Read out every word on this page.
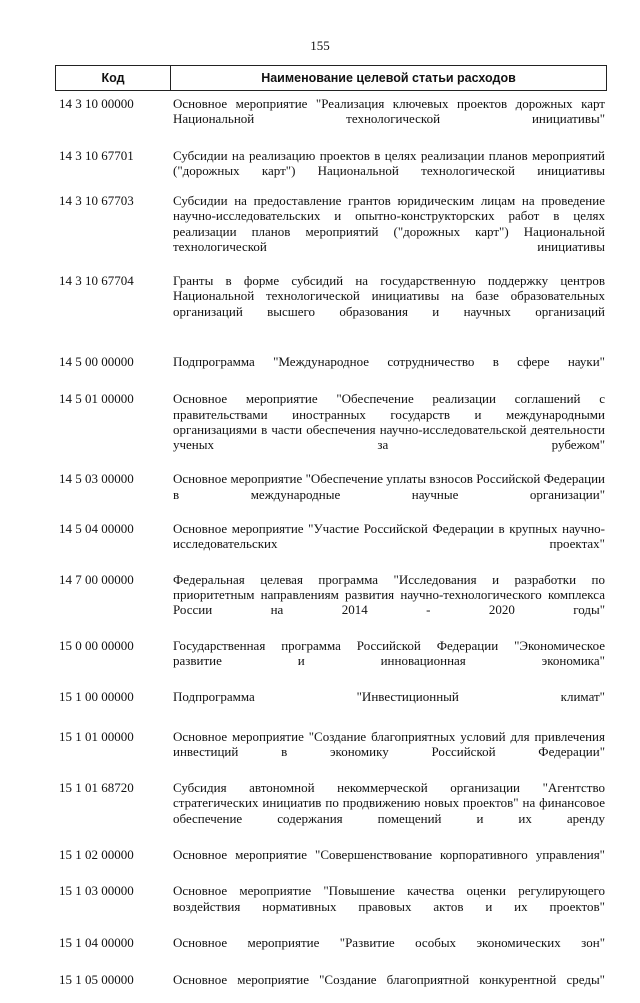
155
Код	Наименование целевой статьи расходов
14 3 10 00000	Основное мероприятие "Реализация ключевых проектов дорожных карт Национальной технологической инициативы"
14 3 10 67701	Субсидии на реализацию проектов в целях реализации планов мероприятий ("дорожных карт") Национальной технологической инициативы
14 3 10 67703	Субсидии на предоставление грантов юридическим лицам на проведение научно-исследовательских и опытно-конструкторских работ в целях реализации планов мероприятий ("дорожных карт") Национальной технологической инициативы
14 3 10 67704	Гранты в форме субсидий на государственную поддержку центров Национальной технологической инициативы на базе образовательных организаций высшего образования и научных организаций
14 5 00 00000	Подпрограмма "Международное сотрудничество в сфере науки"
14 5 01 00000	Основное мероприятие "Обеспечение реализации соглашений с правительствами иностранных государств и международными организациями в части обеспечения научно-исследовательской деятельности ученых за рубежом"
14 5 03 00000	Основное мероприятие "Обеспечение уплаты взносов Российской Федерации в международные научные организации"
14 5 04 00000	Основное мероприятие "Участие Российской Федерации в крупных научно-исследовательских проектах"
14 7 00 00000	Федеральная целевая программа "Исследования и разработки по приоритетным направлениям развития научно-технологического комплекса России на 2014 - 2020 годы"
15 0 00 00000	Государственная программа Российской Федерации "Экономическое развитие и инновационная экономика"
15 1 00 00000	Подпрограмма "Инвестиционный климат"
15 1 01 00000	Основное мероприятие "Создание благоприятных условий для привлечения инвестиций в экономику Российской Федерации"
15 1 01 68720	Субсидия автономной некоммерческой организации "Агентство стратегических инициатив по продвижению новых проектов" на финансовое обеспечение содержания помещений и их аренду
15 1 02 00000	Основное мероприятие "Совершенствование корпоративного управления"
15 1 03 00000	Основное мероприятие "Повышение качества оценки регулирующего воздействия нормативных правовых актов и их проектов"
15 1 04 00000	Основное мероприятие "Развитие особых экономических зон"
15 1 05 00000	Основное мероприятие "Создание благоприятной конкурентной среды"
